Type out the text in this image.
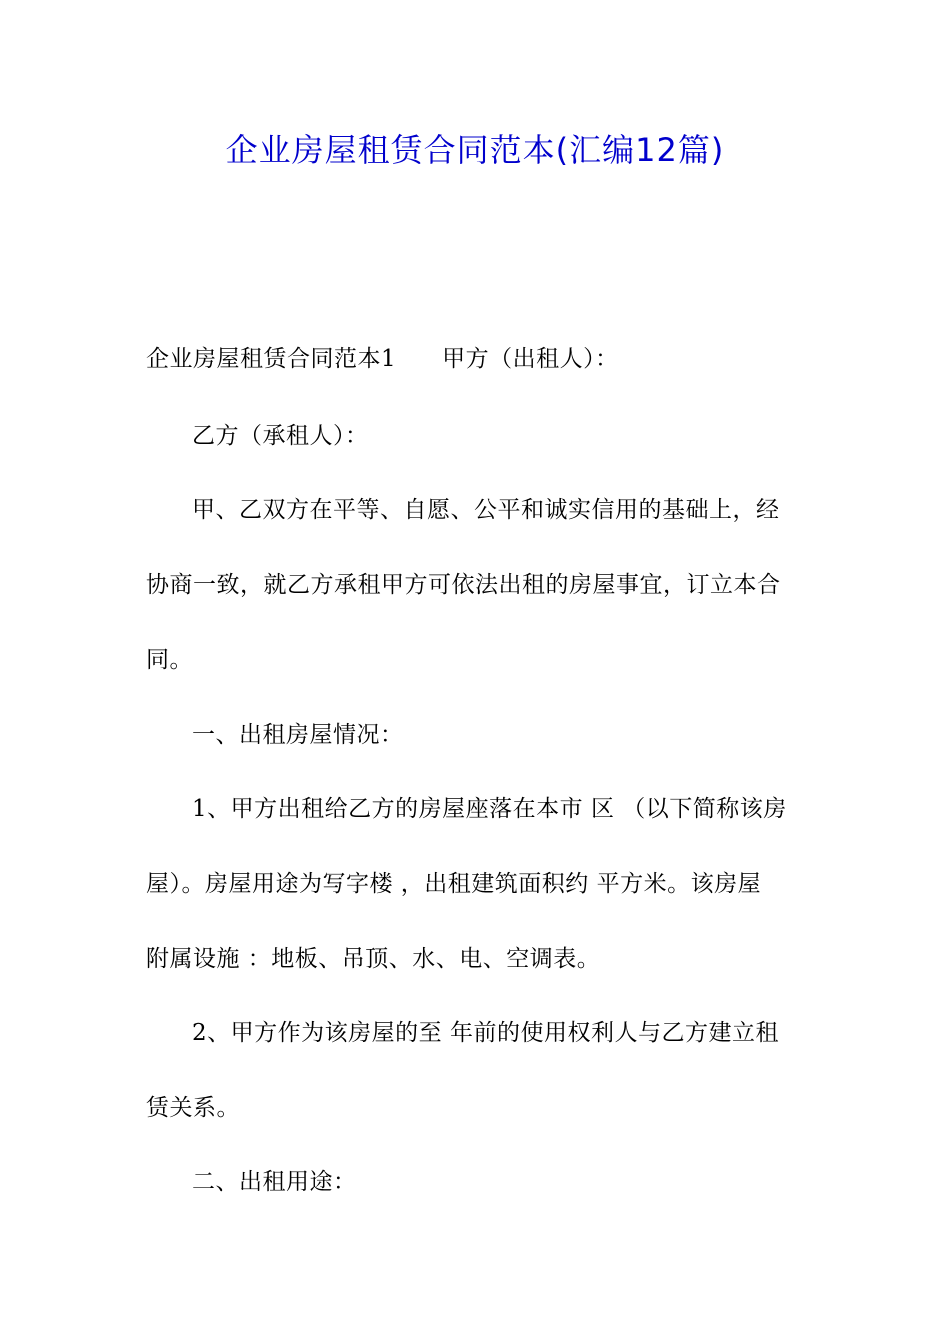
企业房屋租赁合同范本(汇编12篇)
企业房屋租赁合同范本1 甲方（出租人）：
乙方（承租人）：
甲、乙双方在平等、自愿、公平和诚实信用的基础上，经
协商一致，就乙方承租甲方可依法出租的房屋事宜，订立本合
同。
一、出租房屋情况：
1、甲方出租给乙方的房屋座落在本市 区 （以下简称该房
屋）。房屋用途为写字楼 ，出租建筑面积约 平方米。该房屋
附属设施 ：地板、吊顶、水、电、空调表。
2、甲方作为该房屋的至 年前的使用权利人与乙方建立租
赁关系。
二、出租用途：
